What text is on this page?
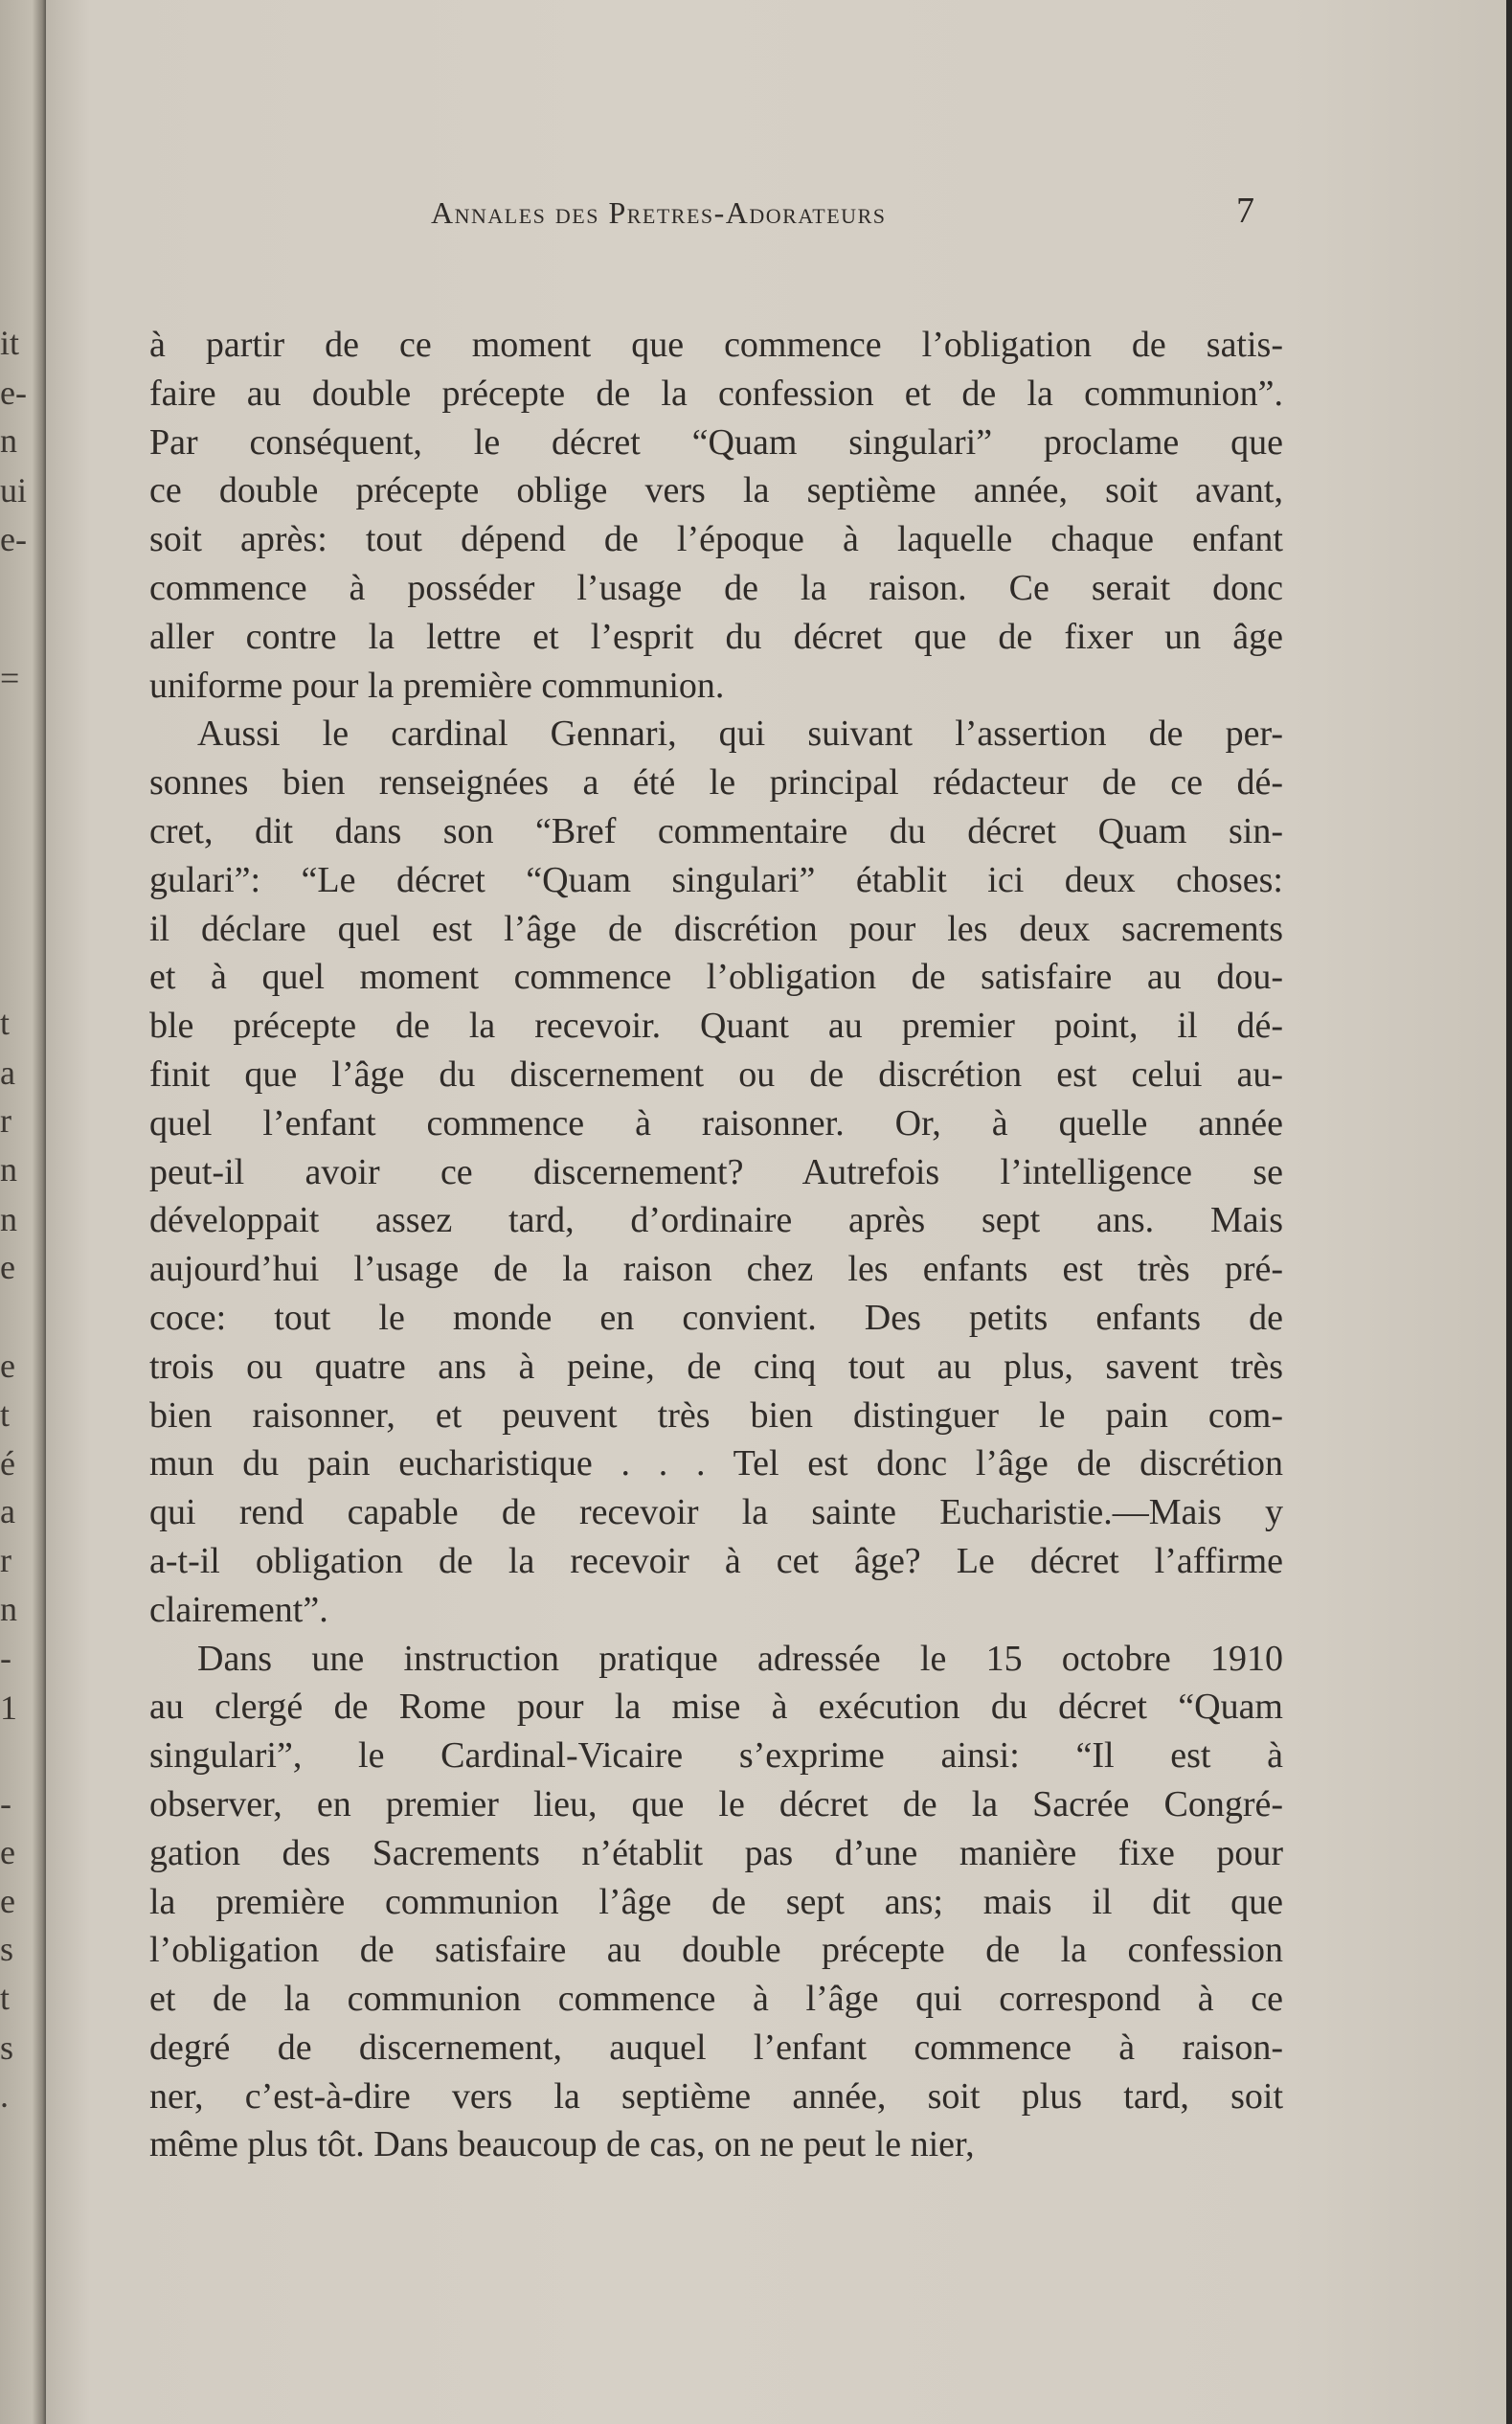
it
e-
n
ui
e-
=
t
a
r
n
n
e
e
t
é
a
r
n
-
1
-
e
e
s
t
s
.
Annales des Pretres-Adorateurs	7
à partir de ce moment que commence l’obligation de satis-
faire au double précepte de la confession et de la communion”.
Par conséquent, le décret “Quam singulari” proclame que
ce double précepte oblige vers la septième année, soit avant,
soit après: tout dépend de l’époque à laquelle chaque enfant
commence à posséder l’usage de la raison. Ce serait donc
aller contre la lettre et l’esprit du décret que de fixer un âge
uniforme pour la première communion.
Aussi le cardinal Gennari, qui suivant l’assertion de per-
sonnes bien renseignées a été le principal rédacteur de ce dé-
cret, dit dans son “Bref commentaire du décret Quam sin-
gulari”: “Le décret “Quam singulari” établit ici deux choses:
il déclare quel est l’âge de discrétion pour les deux sacrements
et à quel moment commence l’obligation de satisfaire au dou-
ble précepte de la recevoir. Quant au premier point, il dé-
finit que l’âge du discernement ou de discrétion est celui au-
quel l’enfant commence à raisonner. Or, à quelle année
peut-il avoir ce discernement? Autrefois l’intelligence se
développait assez tard, d’ordinaire après sept ans. Mais
aujourd’hui l’usage de la raison chez les enfants est très pré-
coce: tout le monde en convient. Des petits enfants de
trois ou quatre ans à peine, de cinq tout au plus, savent très
bien raisonner, et peuvent très bien distinguer le pain com-
mun du pain eucharistique . . . Tel est donc l’âge de discrétion
qui rend capable de recevoir la sainte Eucharistie.—Mais y
a-t-il obligation de la recevoir à cet âge? Le décret l’affirme
clairement”.
Dans une instruction pratique adressée le 15 octobre 1910
au clergé de Rome pour la mise à exécution du décret “Quam
singulari”, le Cardinal-Vicaire s’exprime ainsi: “Il est à
observer, en premier lieu, que le décret de la Sacrée Congré-
gation des Sacrements n’établit pas d’une manière fixe pour
la première communion l’âge de sept ans; mais il dit que
l’obligation de satisfaire au double précepte de la confession
et de la communion commence à l’âge qui correspond à ce
degré de discernement, auquel l’enfant commence à raison-
ner, c’est-à-dire vers la septième année, soit plus tard, soit
même plus tôt. Dans beaucoup de cas, on ne peut le nier,
